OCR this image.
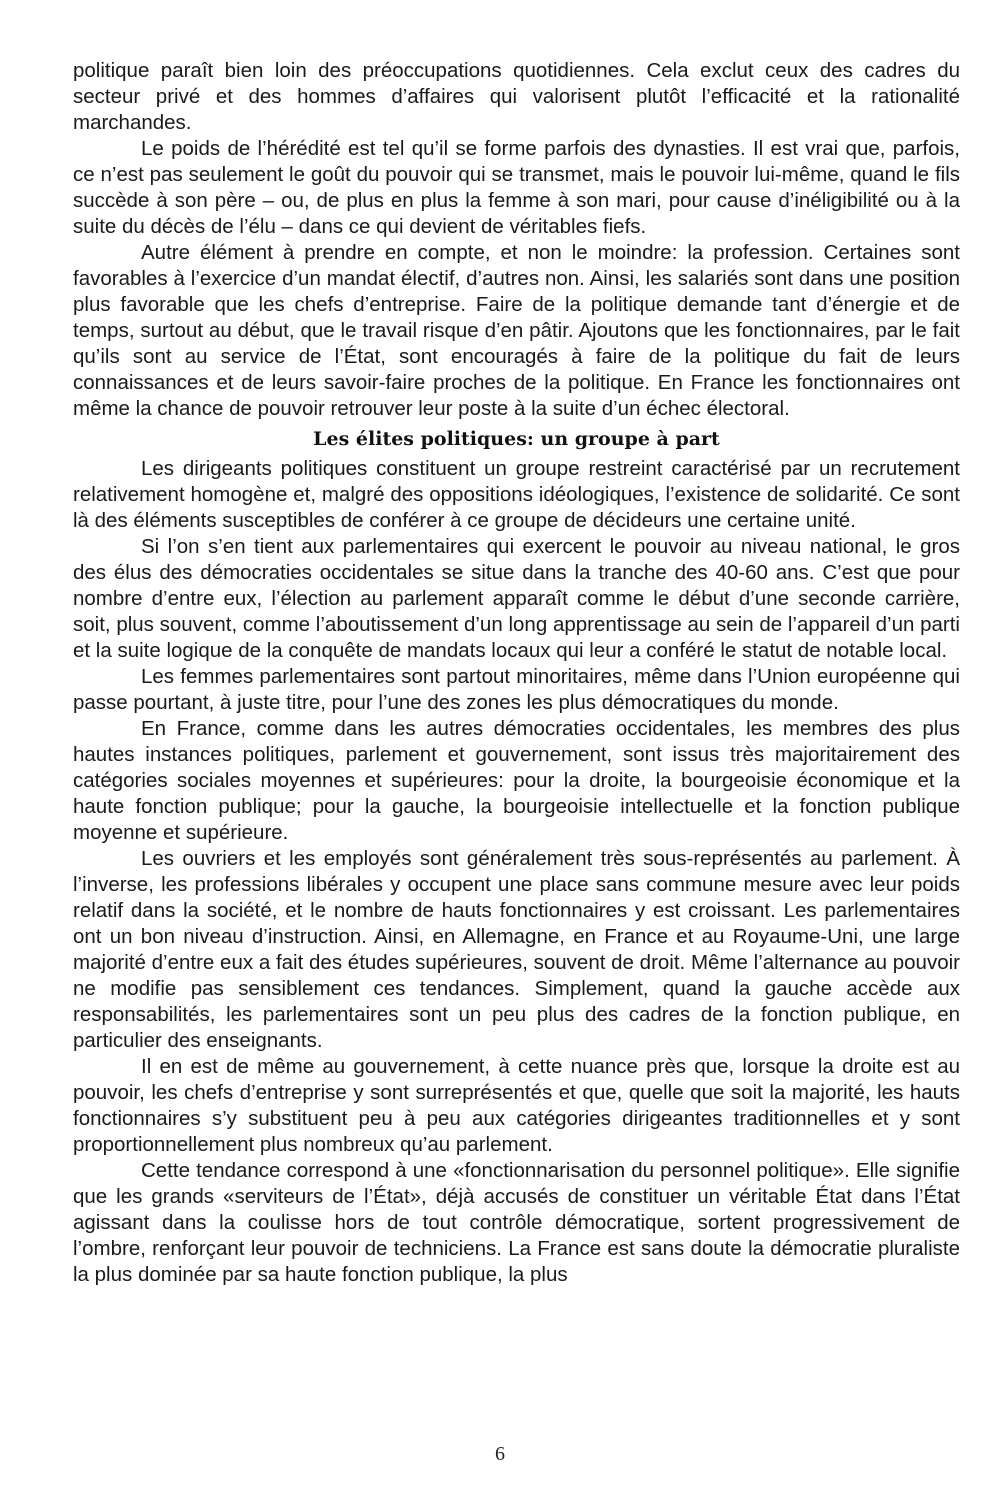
politique paraît bien loin des préoccupations quotidiennes. Cela exclut ceux des cadres du secteur privé et des hommes d’affaires qui valorisent plutôt l’efficacité et la rationalité marchandes.

Le poids de l’hérédité est tel qu’il se forme parfois des dynasties. Il est vrai que, parfois, ce n’est pas seulement le goût du pouvoir qui se transmet, mais le pouvoir lui-même, quand le fils succède à son père – ou, de plus en plus la femme à son mari, pour cause d’inéligibilité ou à la suite du décès de l’élu – dans ce qui devient de véritables fiefs.

Autre élément à prendre en compte, et non le moindre: la profession. Certaines sont favorables à l’exercice d’un mandat électif, d’autres non. Ainsi, les salariés sont dans une position plus favorable que les chefs d’entreprise. Faire de la politique demande tant d’énergie et de temps, surtout au début, que le travail risque d’en pâtir. Ajoutons que les fonctionnaires, par le fait qu’ils sont au service de l’État, sont encouragés à faire de la politique du fait de leurs connaissances et de leurs savoir-faire proches de la politique. En France les fonctionnaires ont même la chance de pouvoir retrouver leur poste à la suite d’un échec électoral.

Les élites politiques: un groupe à part

Les dirigeants politiques constituent un groupe restreint caractérisé par un recrutement relativement homogène et, malgré des oppositions idéologiques, l’existence de solidarité. Ce sont là des éléments susceptibles de conférer à ce groupe de décideurs une certaine unité.

Si l’on s’en tient aux parlementaires qui exercent le pouvoir au niveau national, le gros des élus des démocraties occidentales se situe dans la tranche des 40-60 ans. C’est que pour nombre d’entre eux, l’élection au parlement apparaît comme le début d’une seconde carrière, soit, plus souvent, comme l’aboutissement d’un long apprentissage au sein de l’appareil d’un parti et la suite logique de la conquête de mandats locaux qui leur a conféré le statut de notable local.

Les femmes parlementaires sont partout minoritaires, même dans l’Union européenne qui passe pourtant, à juste titre, pour l’une des zones les plus démocratiques du monde.

En France, comme dans les autres démocraties occidentales, les membres des plus hautes instances politiques, parlement et gouvernement, sont issus très majoritairement des catégories sociales moyennes et supérieures: pour la droite, la bourgeoisie économique et la haute fonction publique; pour la gauche, la bourgeoisie intellectuelle et la fonction publique moyenne et supérieure.

Les ouvriers et les employés sont généralement très sous-représentés au parlement. À l’inverse, les professions libérales y occupent une place sans commune mesure avec leur poids relatif dans la société, et le nombre de hauts fonctionnaires y est croissant. Les parlementaires ont un bon niveau d’instruction. Ainsi, en Allemagne, en France et au Royaume-Uni, une large majorité d’entre eux a fait des études supérieures, souvent de droit. Même l’alternance au pouvoir ne modifie pas sensiblement ces tendances. Simplement, quand la gauche accède aux responsabilités, les parlementaires sont un peu plus des cadres de la fonction publique, en particulier des enseignants.

Il en est de même au gouvernement, à cette nuance près que, lorsque la droite est au pouvoir, les chefs d’entreprise y sont surreprésentés et que, quelle que soit la majorité, les hauts fonctionnaires s’y substituent peu à peu aux catégories dirigeantes traditionnelles et y sont proportionnellement plus nombreux qu’au parlement.

Cette tendance correspond à une «fonctionnarisation du personnel politique». Elle signifie que les grands «serviteurs de l’État», déjà accusés de constituer un véritable État dans l’État agissant dans la coulisse hors de tout contrôle démocratique, sortent progressivement de l’ombre, renforçant leur pouvoir de techniciens. La France est sans doute la démocratie pluraliste la plus dominée par sa haute fonction publique, la plus

6
